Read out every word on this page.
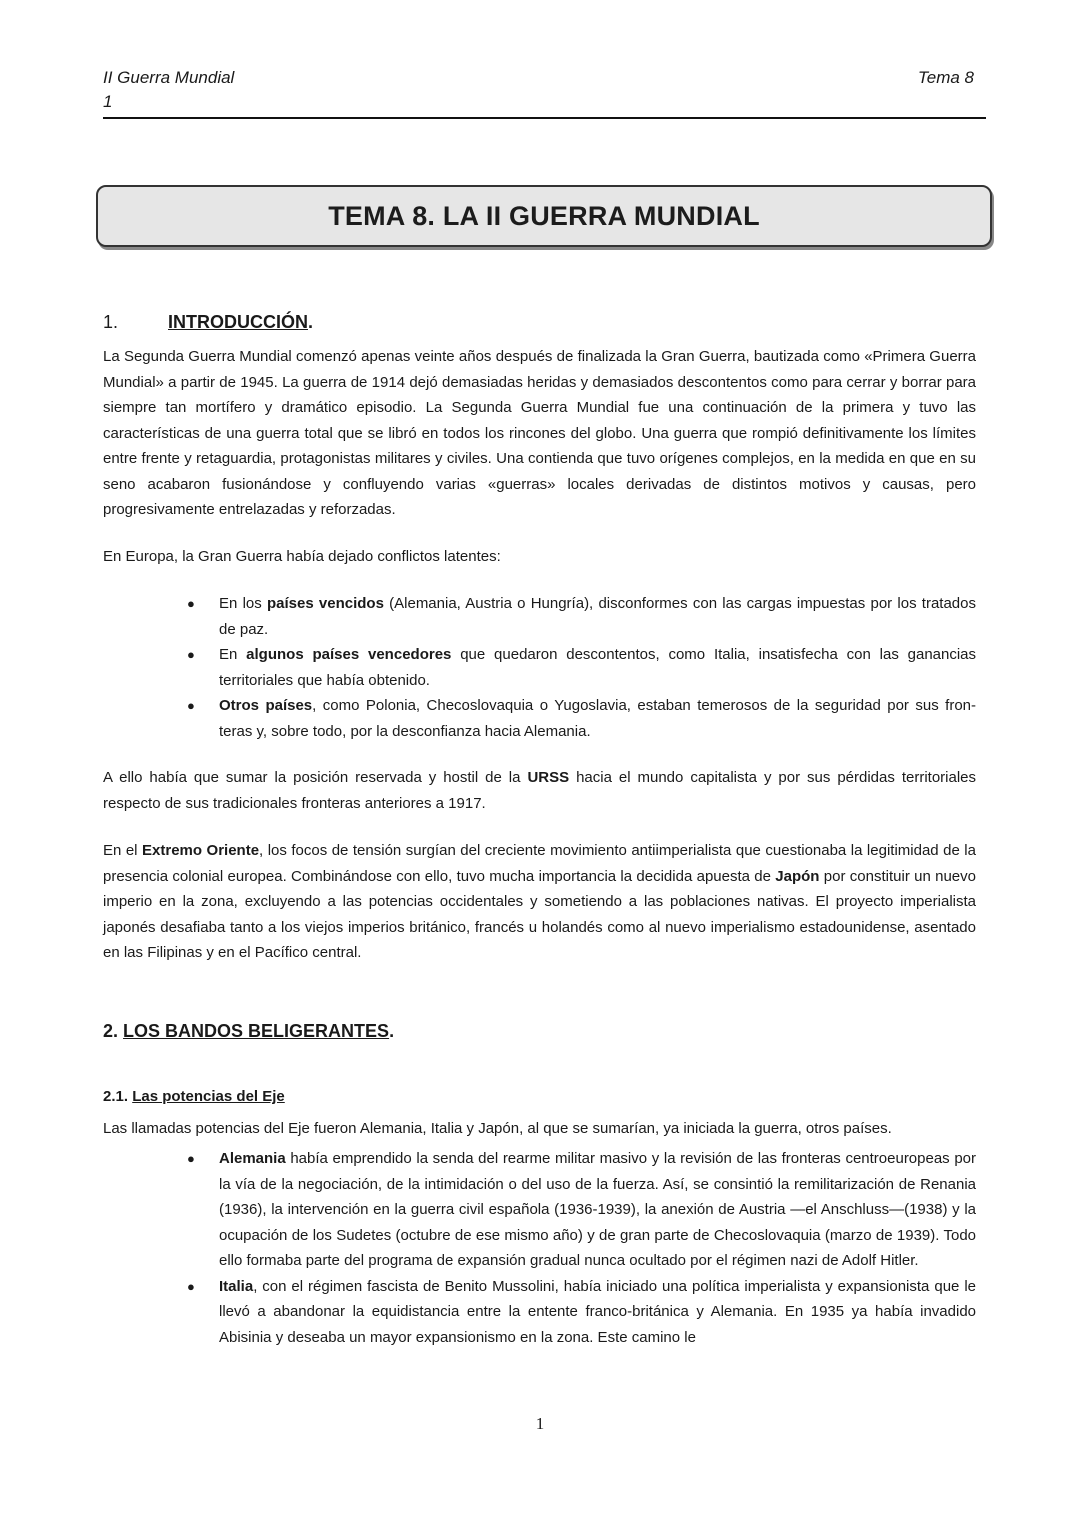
II Guerra Mundial
1
Tema 8
TEMA 8. LA II GUERRA MUNDIAL
1.	INTRODUCCIÓN.
La Segunda Guerra Mundial comenzó apenas veinte años después de finalizada la Gran Guerra, bautizada como «Primera Guerra Mundial» a partir de 1945. La guerra de 1914 dejó demasiadas heridas y demasiados descontentos como para cerrar y borrar para siempre tan mortífero y dramático episodio. La Segunda Guerra Mundial fue una continuación de la primera y tuvo las características de una guerra total que se libró en todos los rincones del globo. Una guerra que rompió definitivamente los límites entre frente y retaguardia, protagonistas militares y civiles. Una contienda que tuvo orígenes complejos, en la medida en que en su seno acabaron fusionándose y confluyendo varias «guerras» locales derivadas de distintos motivos y causas, pero progresivamente entrelazadas y reforzadas.
En Europa, la Gran Guerra había dejado conflictos latentes:
● En los países vencidos (Alemania, Austria o Hungría), disconformes con las cargas impuestas por los tratados de paz.
● En algunos países vencedores que quedaron descontentos, como Italia, insatisfecha con las ganancias territoriales que había obtenido.
● Otros países, como Polonia, Checoslovaquia o Yugoslavia, estaban temerosos de la seguridad por sus fron-teras y, sobre todo, por la desconfianza hacia Alemania.
A ello había que sumar la posición reservada y hostil de la URSS hacia el mundo capitalista y por sus pérdidas territoriales respecto de sus tradicionales fronteras anteriores a 1917.
En el Extremo Oriente, los focos de tensión surgían del creciente movimiento antiimperialista que cuestionaba la legitimidad de la presencia colonial europea. Combinándose con ello, tuvo mucha importancia la decidida apuesta de Japón por constituir un nuevo imperio en la zona, excluyendo a las potencias occidentales y sometiendo a las poblaciones nativas. El proyecto imperialista japonés desafiaba tanto a los viejos imperios británico, francés u holandés como al nuevo imperialismo estadounidense, asentado en las Filipinas y en el Pacífico central.
2. LOS BANDOS BELIGERANTES.
2.1. Las potencias del Eje
Las llamadas potencias del Eje fueron Alemania, Italia y Japón, al que se sumarían, ya iniciada la guerra, otros países.
● Alemania había emprendido la senda del rearme militar masivo y la revisión de las fronteras centroeuropeas por la vía de la negociación, de la intimidación o del uso de la fuerza. Así, se consintió la remilitarización de Renania (1936), la intervención en la guerra civil española (1936-1939), la anexión de Austria —el Anschluss—(1938) y la ocupación de los Sudetes (octubre de ese mismo año) y de gran parte de Checoslovaquia (marzo de 1939). Todo ello formaba parte del programa de expansión gradual nunca ocultado por el régimen nazi de Adolf Hitler.
● Italia, con el régimen fascista de Benito Mussolini, había iniciado una política imperialista y expansionista que le llevó a abandonar la equidistancia entre la entente franco-británica y Alemania. En 1935 ya había invadido Abisinia y deseaba un mayor expansionismo en la zona. Este camino le
1
